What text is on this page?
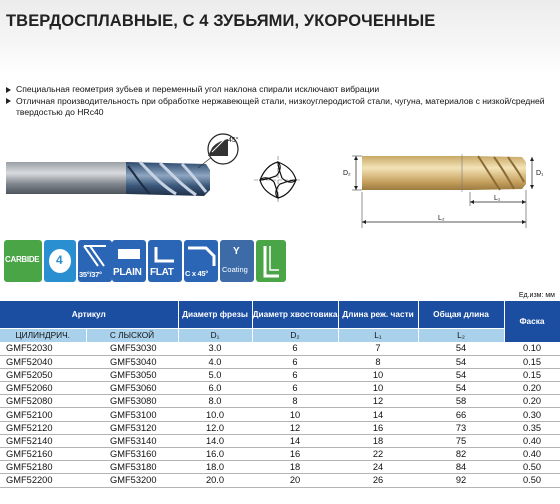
ТВЕРДОСПЛАВНЫЕ, С 4 ЗУБЬЯМИ, УКОРОЧЕННЫЕ
Специальная геометрия зубьев и переменный угол наклона спирали исключают вибрации
Отличная производительность при обработке нержавеющей стали, низкоуглеродистой стали, чугуна, материалов с низкой/средней твердостью до HRc40
45°
D₂	D₁
L₁
L₂
CARBIDE 4
35°/37° PLAIN FLAT C x 45°
Y
Coating
Ед.изм: мм
Артикул		Диаметр фрезы	Диаметр хвостовика	Длина реж. части	Общая длина	Фаска
ЦИЛИНДРИЧ.	С ЛЫСКОЙ	D₁	D₂	L₁	L₂	
GMF52030	GMF53030	3.0	6	7	54	0.10
GMF52040	GMF53040	4.0	6	8	54	0.15
GMF52050	GMF53050	5.0	6	10	54	0.15
GMF52060	GMF53060	6.0	6	10	54	0.20
GMF52080	GMF53080	8.0	8	12	58	0.20
GMF52100	GMF53100	10.0	10	14	66	0.30
GMF52120	GMF53120	12.0	12	16	73	0.35
GMF52140	GMF53140	14.0	14	18	75	0.40
GMF52160	GMF53160	16.0	16	22	82	0.40
GMF52180	GMF53180	18.0	18	24	84	0.50
GMF52200	GMF53200	20.0	20	26	92	0.50
